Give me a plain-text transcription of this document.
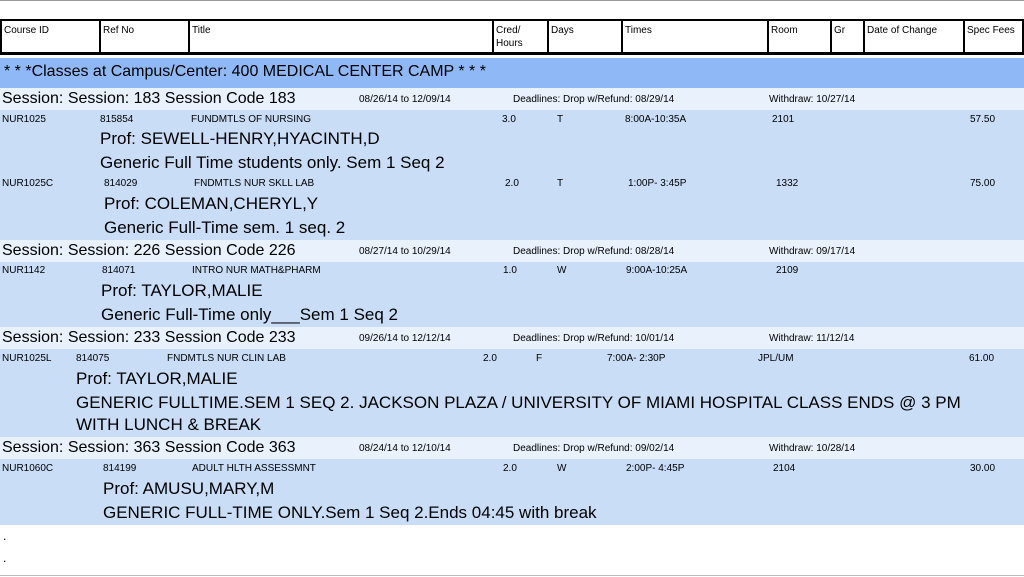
Course ID	Ref No	Title	Cred/
Hours
Days	Times	Room	Gr	Date of Change	Spec Fees
* * *Classes at Campus/Center: 400 MEDICAL CENTER CAMP * * *
Session: Session: 183 Session Code 183	08/26/14 to 12/09/14	Deadlines: Drop w/Refund: 08/29/14	Withdraw: 10/27/14
NUR1025	815854	FUNDMTLS OF NURSING	3.0	T	8:00A-10:35A	2101	57.50
Prof: SEWELL-HENRY,HYACINTH,D
Generic Full Time students only. Sem 1 Seq 2
NUR1025C	814029	FNDMTLS NUR SKLL LAB	2.0	T	1:00P- 3:45P	1332	75.00
Prof: COLEMAN,CHERYL,Y
Generic Full-Time sem. 1 seq. 2
Session: Session: 226 Session Code 226	08/27/14 to 10/29/14	Deadlines: Drop w/Refund: 08/28/14	Withdraw: 09/17/14
NUR1142	814071	INTRO NUR MATH&PHARM	1.0	W	9:00A-10:25A	2109
Prof: TAYLOR,MALIE
Generic Full-Time only___Sem 1 Seq 2
Session: Session: 233 Session Code 233	09/26/14 to 12/12/14	Deadlines: Drop w/Refund: 10/01/14	Withdraw: 11/12/14
NUR1025L 814075	FNDMTLS NUR CLIN LAB	2.0	F	7:00A- 2:30P	JPL/UM	61.00
Prof: TAYLOR,MALIE
GENERIC FULLTIME.SEM 1 SEQ 2. JACKSON PLAZA / UNIVERSITY OF MIAMI HOSPITAL CLASS ENDS @ 3 PM
WITH LUNCH & BREAK
Session: Session: 363 Session Code 363	08/24/14 to 12/10/14	Deadlines: Drop w/Refund: 09/02/14	Withdraw: 10/28/14
NUR1060C	814199	ADULT HLTH ASSESSMNT	2.0	W	2:00P- 4:45P	2104	30.00
Prof: AMUSU,MARY,M
GENERIC FULL-TIME ONLY.Sem 1 Seq 2.Ends 04:45 with break
.
.
